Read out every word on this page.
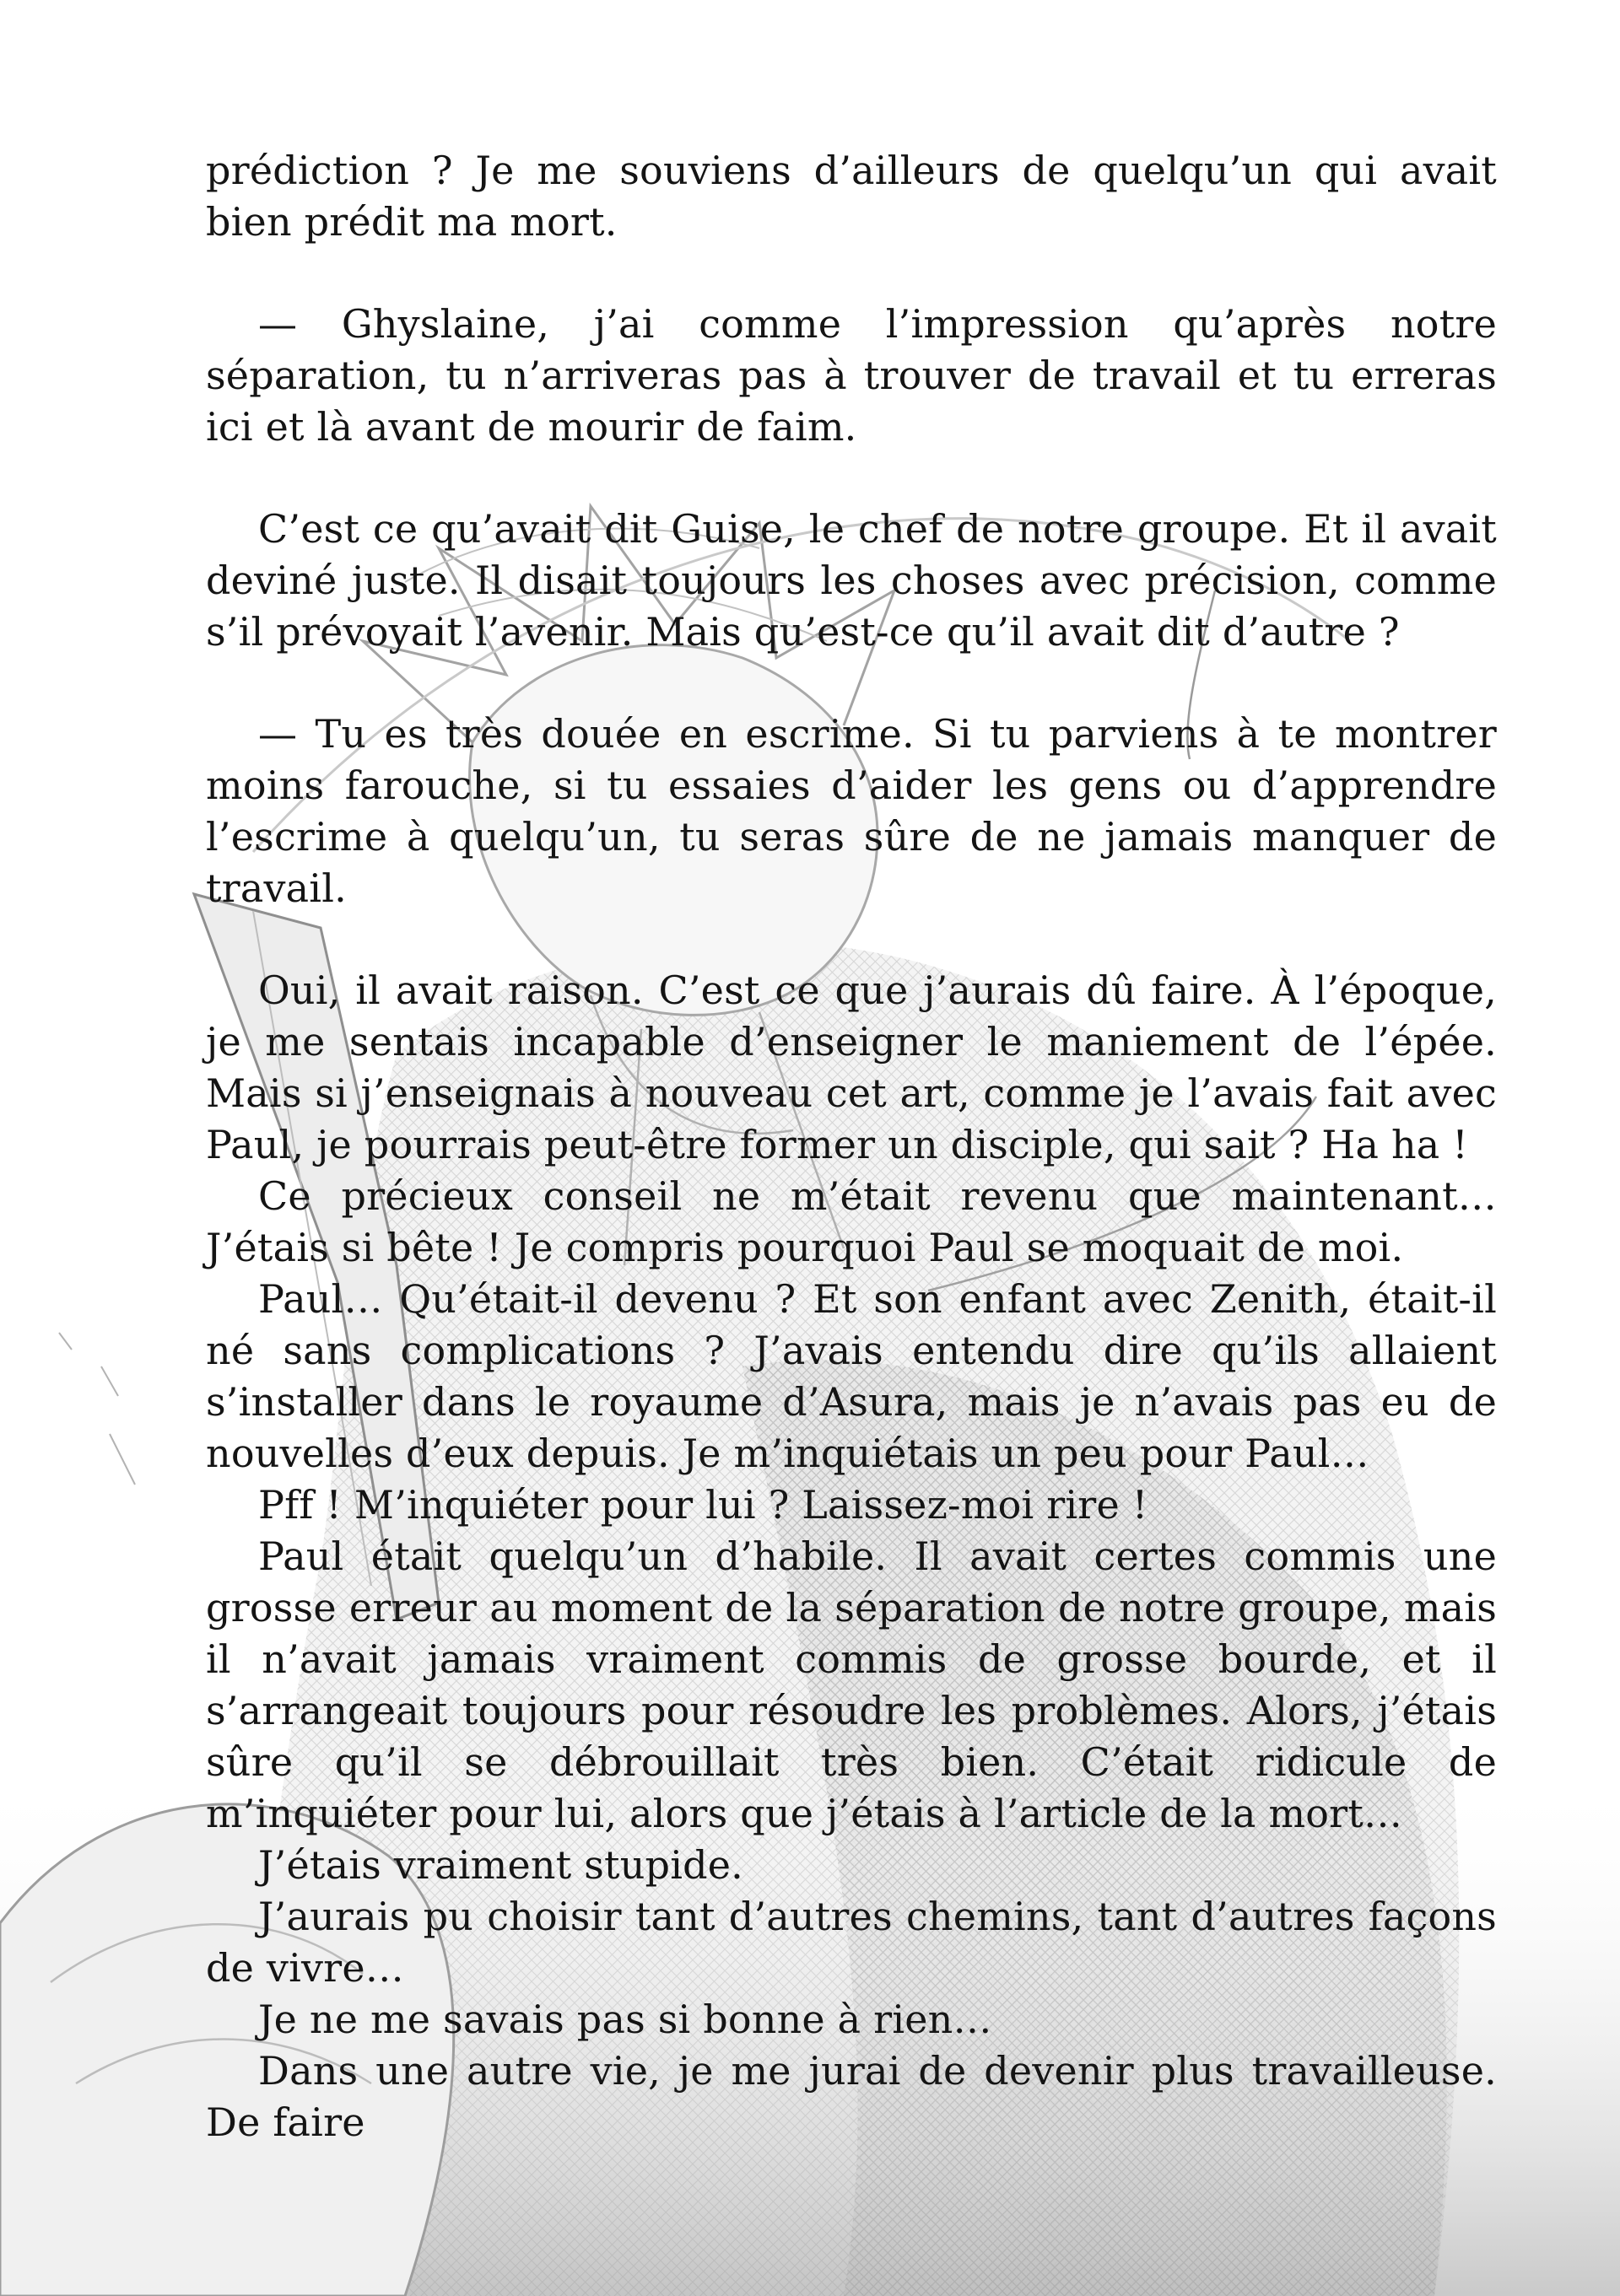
prédiction ? Je me souviens d’ailleurs de quelqu’un qui avait bien prédit ma mort.

— Ghyslaine, j’ai comme l’impression qu’après notre séparation, tu n’arriveras pas à trouver de travail et tu erreras ici et là avant de mourir de faim.

C’est ce qu’avait dit Guise, le chef de notre groupe. Et il avait deviné juste. Il disait toujours les choses avec précision, comme s’il prévoyait l’avenir. Mais qu’est-ce qu’il avait dit d’autre ?

— Tu es très douée en escrime. Si tu parviens à te montrer moins farouche, si tu essaies d’aider les gens ou d’apprendre l’escrime à quelqu’un, tu seras sûre de ne jamais manquer de travail.

Oui, il avait raison. C’est ce que j’aurais dû faire. À l’époque, je me sentais incapable d’enseigner le maniement de l’épée. Mais si j’enseignais à nouveau cet art, comme je l’avais fait avec Paul, je pourrais peut-être former un disciple, qui sait ? Ha ha !

Ce précieux conseil ne m’était revenu que maintenant… J’étais si bête ! Je compris pourquoi Paul se moquait de moi.

Paul… Qu’était-il devenu ? Et son enfant avec Zenith, était-il né sans complications ? J’avais entendu dire qu’ils allaient s’installer dans le royaume d’Asura, mais je n’avais pas eu de nouvelles d’eux depuis. Je m’inquiétais un peu pour Paul…

Pff ! M’inquiéter pour lui ? Laissez-moi rire !

Paul était quelqu’un d’habile. Il avait certes commis une grosse erreur au moment de la séparation de notre groupe, mais il n’avait jamais vraiment commis de grosse bourde, et il s’arrangeait toujours pour résoudre les problèmes. Alors, j’étais sûre qu’il se débrouillait très bien. C’était ridicule de m’inquiéter pour lui, alors que j’étais à l’article de la mort…

J’étais vraiment stupide.

J’aurais pu choisir tant d’autres chemins, tant d’autres façons de vivre…

Je ne me savais pas si bonne à rien…

Dans une autre vie, je me jurai de devenir plus travailleuse. De faire
